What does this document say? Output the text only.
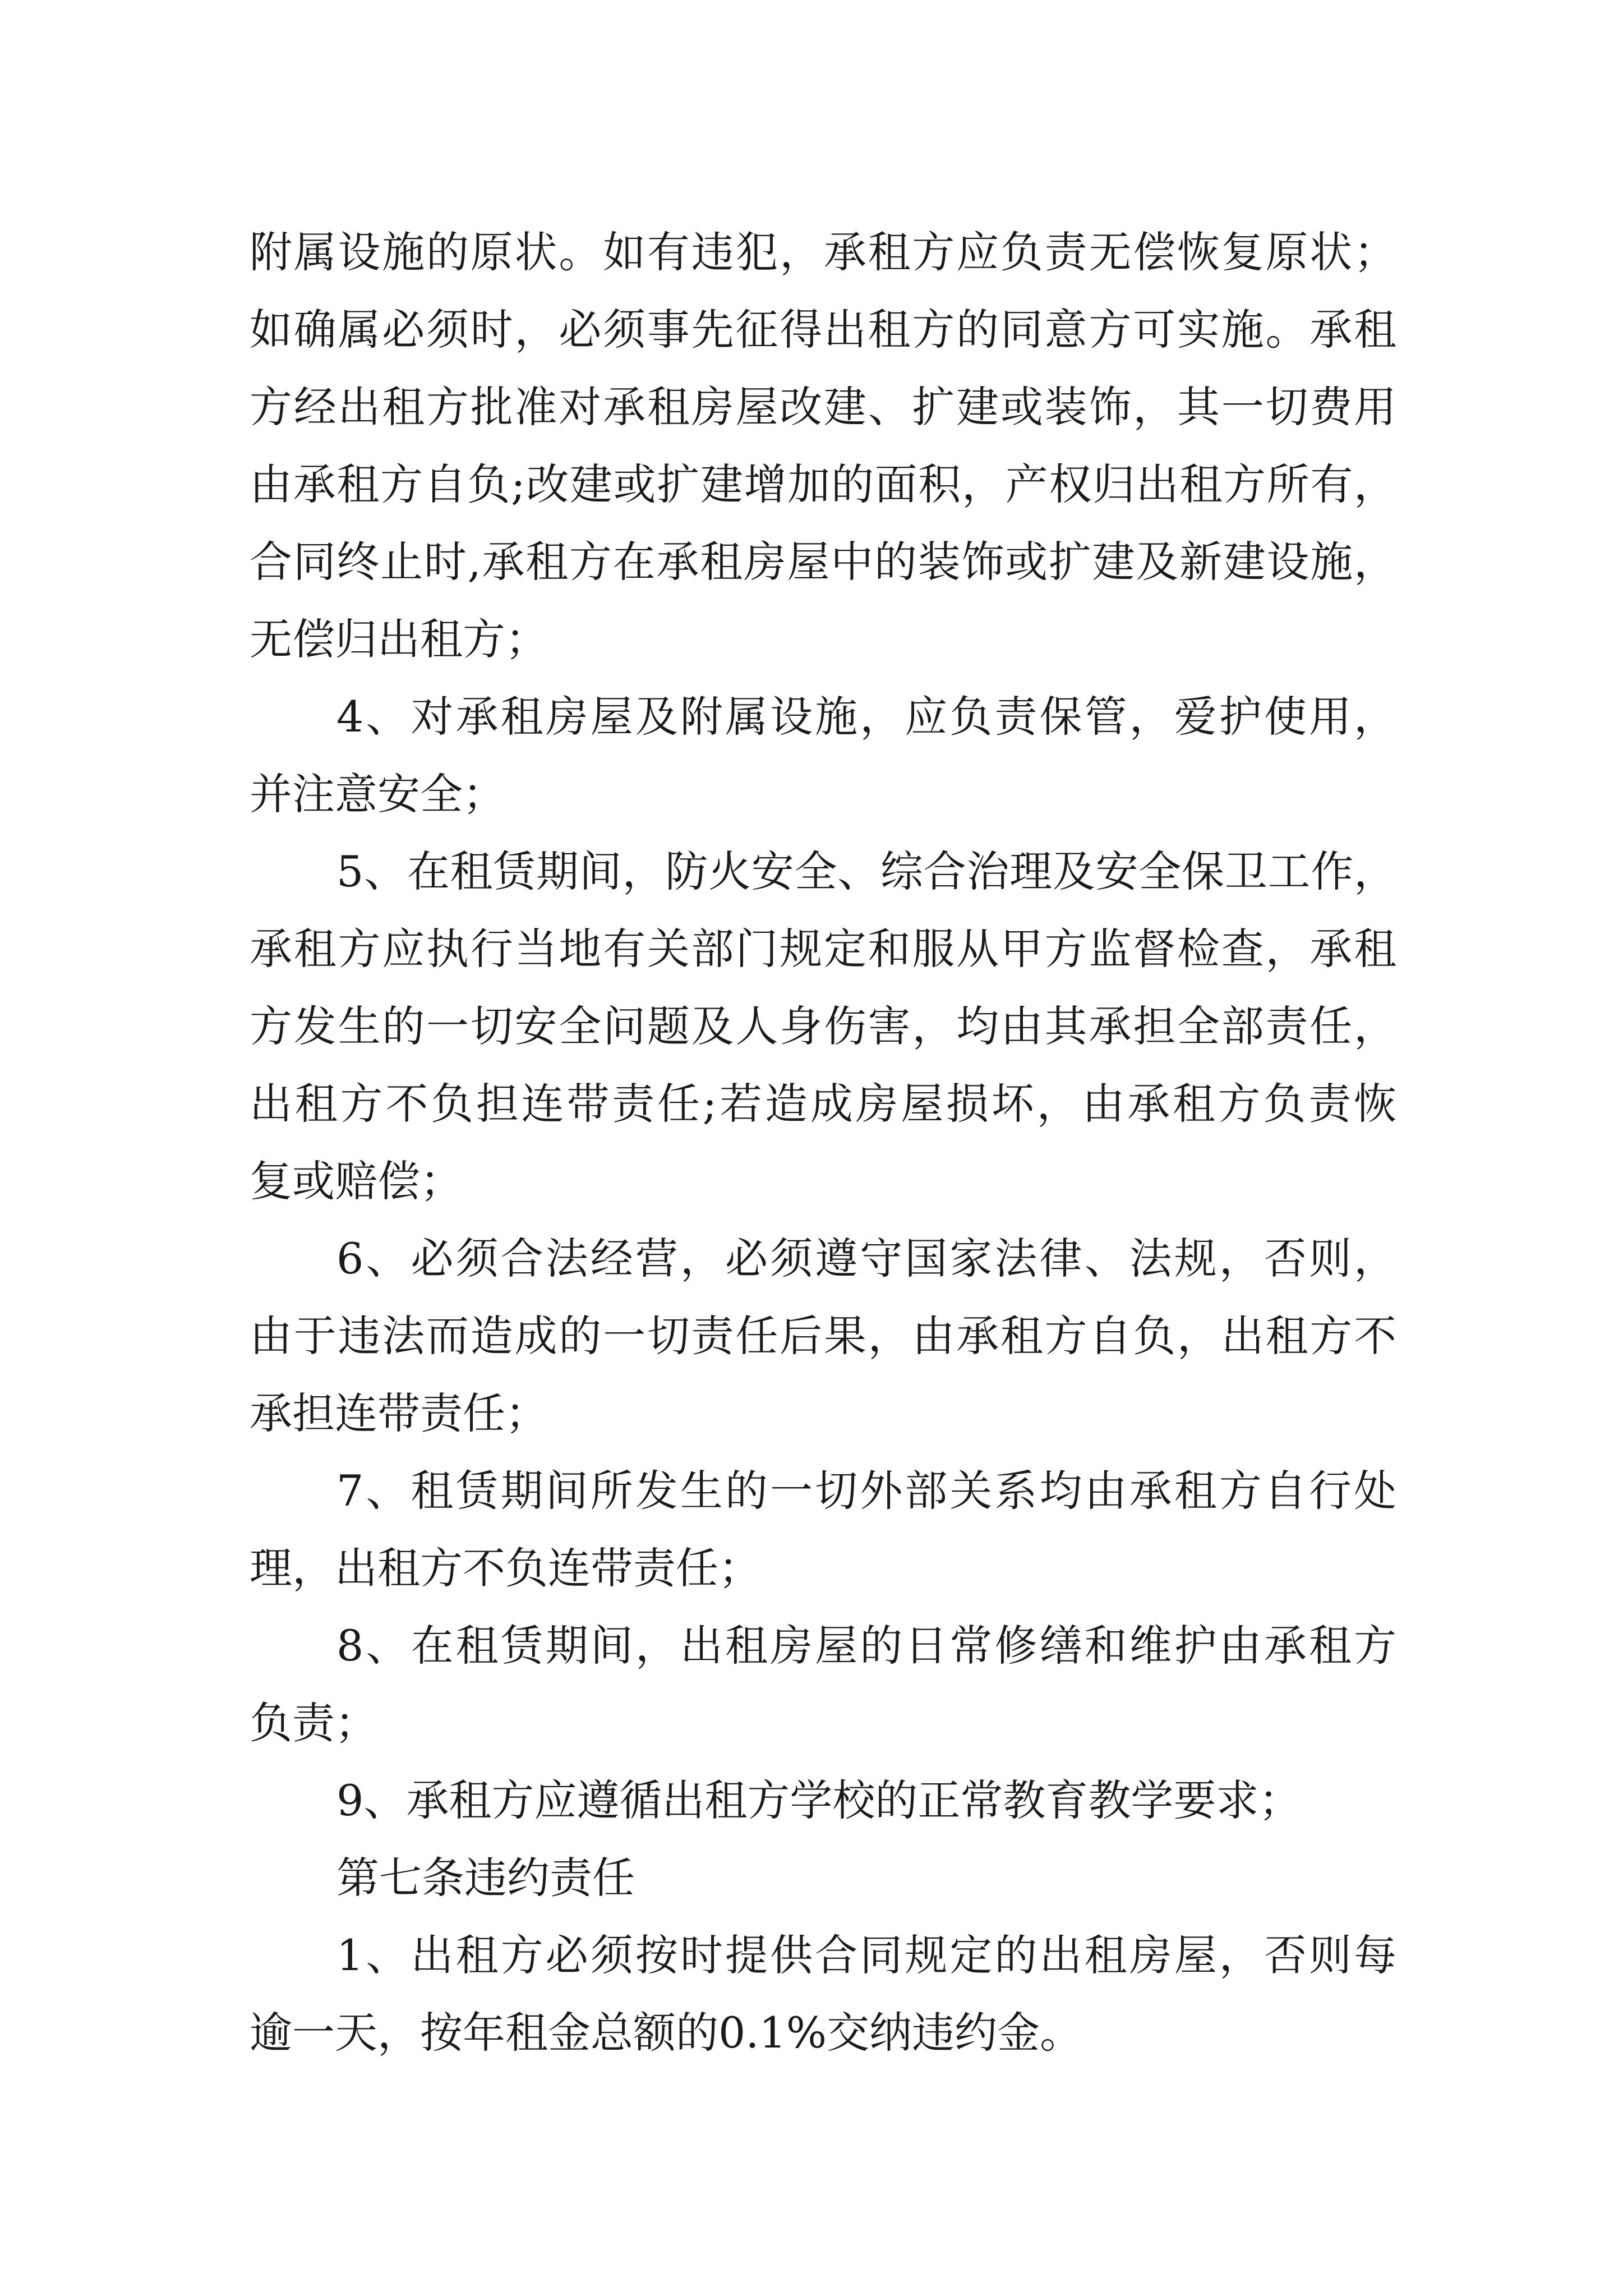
附属设施的原状。如有违犯，承租方应负责无偿恢复原状；
如确属必须时，必须事先征得出租方的同意方可实施。承租
方经出租方批准对承租房屋改建、扩建或装饰，其一切费用
由承租方自负;改建或扩建增加的面积，产权归出租方所有，
合同终止时,承租方在承租房屋中的装饰或扩建及新建设施，
无偿归出租方；
4、对承租房屋及附属设施，应负责保管，爱护使用，
并注意安全；
5、在租赁期间，防火安全、综合治理及安全保卫工作，
承租方应执行当地有关部门规定和服从甲方监督检查，承租
方发生的一切安全问题及人身伤害，均由其承担全部责任，
出租方不负担连带责任;若造成房屋损坏，由承租方负责恢
复或赔偿；
6、必须合法经营，必须遵守国家法律、法规，否则，
由于违法而造成的一切责任后果，由承租方自负，出租方不
承担连带责任；
7、租赁期间所发生的一切外部关系均由承租方自行处
理，出租方不负连带责任；
8、在租赁期间，出租房屋的日常修缮和维护由承租方
负责；
9、承租方应遵循出租方学校的正常教育教学要求；
第七条违约责任
1、出租方必须按时提供合同规定的出租房屋，否则每
逾一天，按年租金总额的0.1%交纳违约金。
